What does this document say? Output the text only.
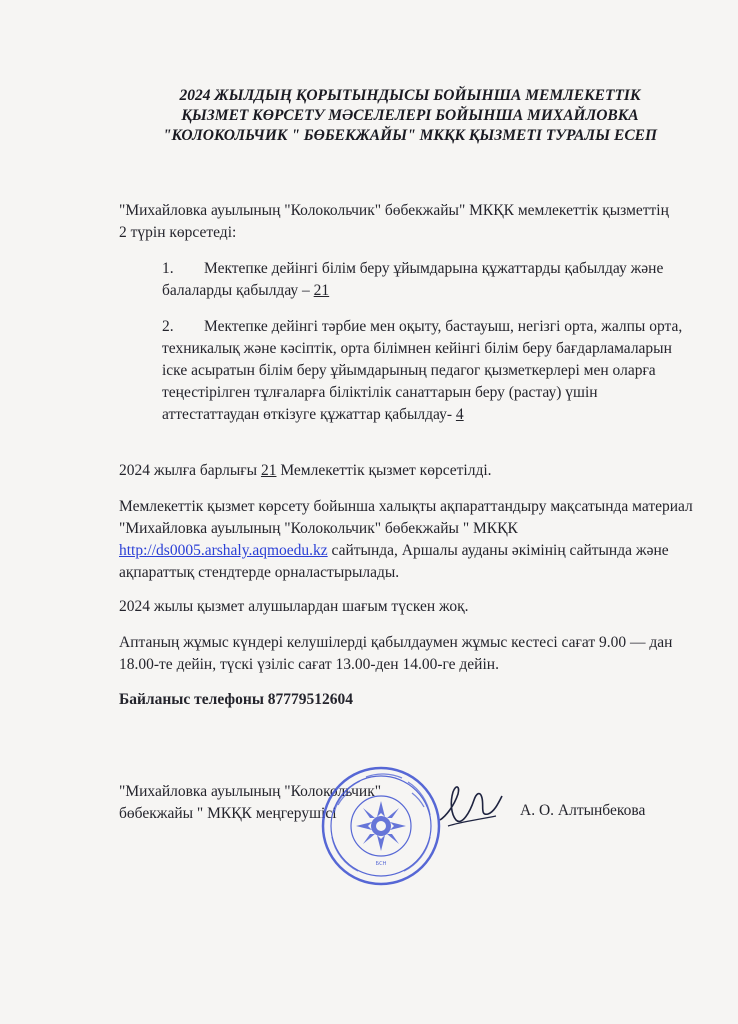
2024 ЖЫЛДЫҢ ҚОРЫТЫНДЫСЫ БОЙЫНША МЕМЛЕКЕТТІК
ҚЫЗМЕТ КӨРСЕТУ МӘСЕЛЕЛЕРІ БОЙЫНША МИХАЙЛОВКА
"КОЛОКОЛЬЧИК " БӨБЕКЖАЙЫ" МКҚК ҚЫЗМЕТІ ТУРАЛЫ ЕСЕП
"Михайловка ауылының "Колокольчик" бөбекжайы" МКҚК мемлекеттік қызметтің 2 түрін көрсетеді:
1. Мектепке дейінгі білім беру ұйымдарына құжаттарды қабылдау және балаларды қабылдау – 21
2. Мектепке дейінгі тәрбие мен оқыту, бастауыш, негізгі орта, жалпы орта, техникалық және кәсіптік, орта білімнен кейінгі білім беру бағдарламаларын іске асыратын білім беру ұйымдарының педагог қызметкерлері мен оларға теңестірілген тұлғаларға біліктілік санаттарын беру (растау) үшін аттестаттаудан өткізуге құжаттар қабылдау- 4
2024 жылға барлығы 21 Мемлекеттік қызмет көрсетілді.
Мемлекеттік қызмет көрсету бойынша халықты ақпараттандыру мақсатында материал "Михайловка ауылының "Колокольчик" бөбекжайы " МКҚК http://ds0005.arshaly.aqmoedu.kz сайтында, Аршалы ауданы әкімінің сайтында және ақпараттық стендтерде орналастырылады.
2024 жылы қызмет алушылардан шағым түскен жоқ.
Аптаның жұмыс күндері келушілерді қабылдаумен жұмыс кестесі сағат 9.00 — дан 18.00-те дейін, түскі үзіліс сағат 13.00-ден 14.00-ге дейін.
Байланыс телефоны 87779512604
"Михайловка ауылының "Колокольчик"
бөбекжайы " МКҚК меңгерушісі
БСН
А. О. Алтынбекова
